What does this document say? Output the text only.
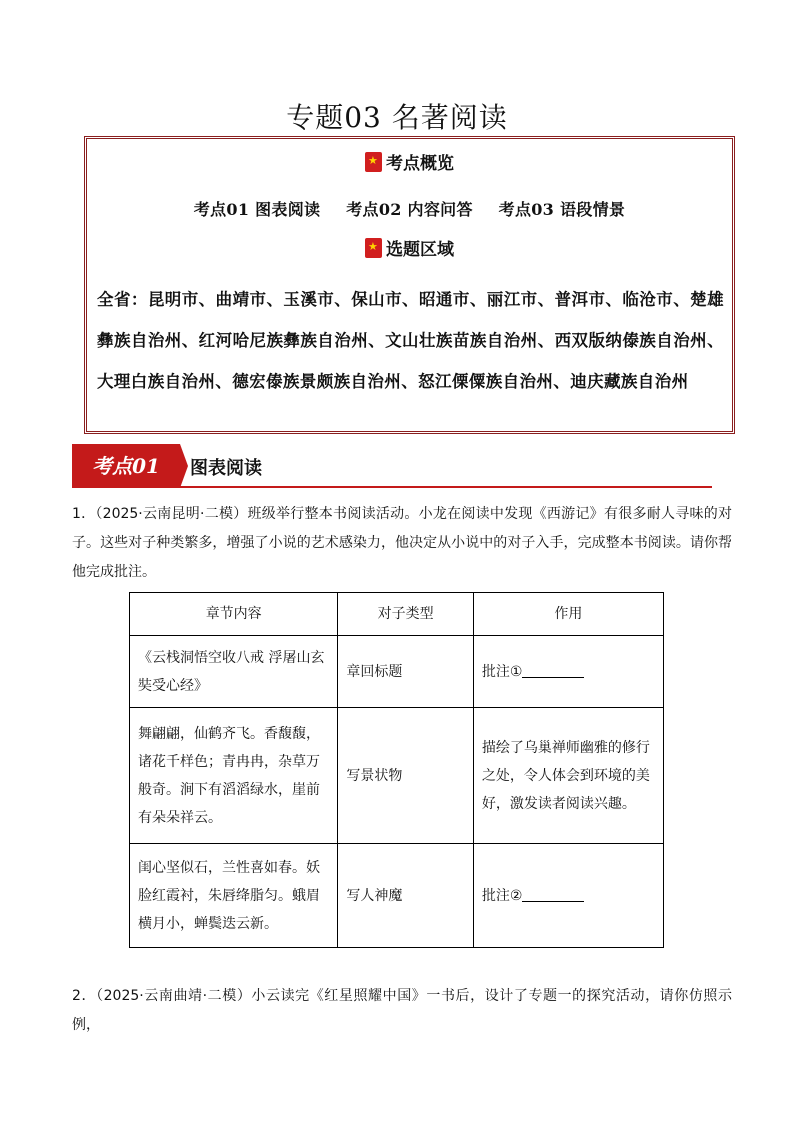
专题03 名著阅读
★考点概览
考点01 图表阅读 考点02 内容问答 考点03 语段情景
★选题区域
全省：昆明市、曲靖市、玉溪市、保山市、昭通市、丽江市、普洱市、临沧市、楚雄彝族自治州、红河哈尼族彝族自治州、文山壮族苗族自治州、西双版纳傣族自治州、大理白族自治州、德宏傣族景颇族自治州、怒江傈僳族自治州、迪庆藏族自治州
考点01	图表阅读
1．（2025·云南昆明·二模）班级举行整本书阅读活动。小龙在阅读中发现《西游记》有很多耐人寻味的对子。这些对子种类繁多，增强了小说的艺术感染力，他决定从小说中的对子入手，完成整本书阅读。请你帮他完成批注。
章节内容	对子类型	作用
《云栈洞悟空收八戒 浮屠山玄奘受心经》	章回标题	批注①
舞翩翩，仙鹤齐飞。香馥馥，诸花千样色；青冉冉，杂草万般奇。涧下有滔滔绿水，崖前有朵朵祥云。	写景状物	描绘了乌巢禅师幽雅的修行之处，令人体会到环境的美好，激发读者阅读兴趣。
闺心坚似石，兰性喜如春。妖脸红霞衬，朱唇绛脂匀。蛾眉横月小，蝉鬓迭云新。	写人神魔	批注②
2．（2025·云南曲靖·二模）小云读完《红星照耀中国》一书后，设计了专题一的探究活动，请你仿照示例，
